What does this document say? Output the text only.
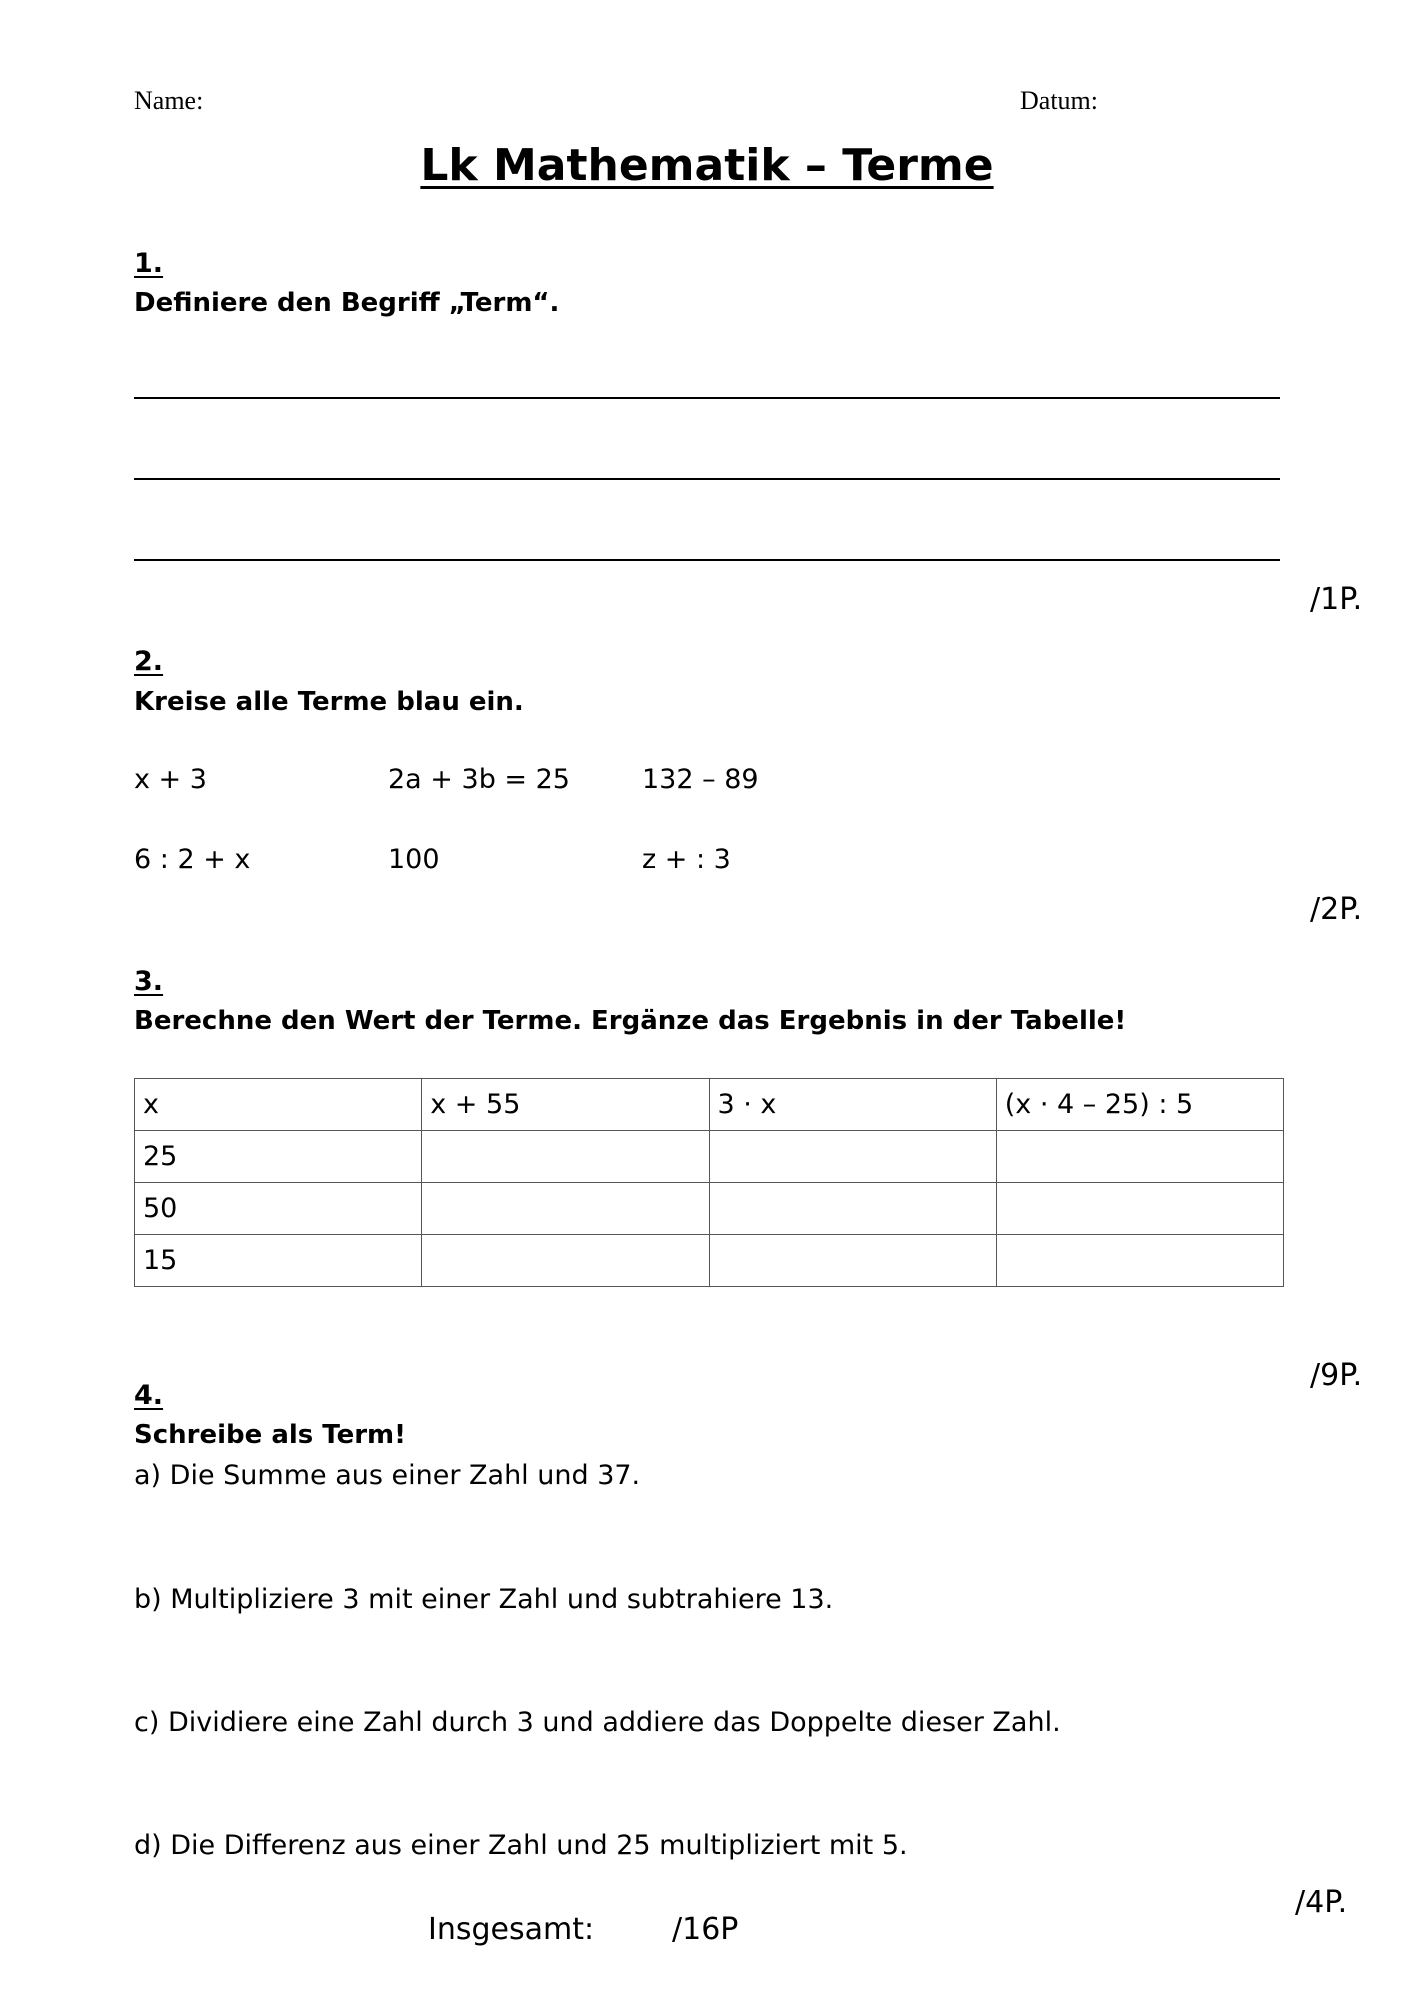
Name:	Datum:
Lk Mathematik – Terme
1.
Definiere den Begriff „Term“.
/1P.
2.
Kreise alle Terme blau ein.
x + 3	2a + 3b = 25	132 – 89
6 : 2 + x	100	z + : 3
/2P.
3.
Berechne den Wert der Terme. Ergänze das Ergebnis in der Tabelle!
x	x + 55	3 · x	(x · 4 – 25) : 5
25			
50			
15			
/9P.
4.
Schreibe als Term!
a) Die Summe aus einer Zahl und 37.
b) Multipliziere 3 mit einer Zahl und subtrahiere 13.
c) Dividiere eine Zahl durch 3 und addiere das Doppelte dieser Zahl.
d) Die Differenz aus einer Zahl und 25 multipliziert mit 5.
/4P.
Insgesamt:	/16P
